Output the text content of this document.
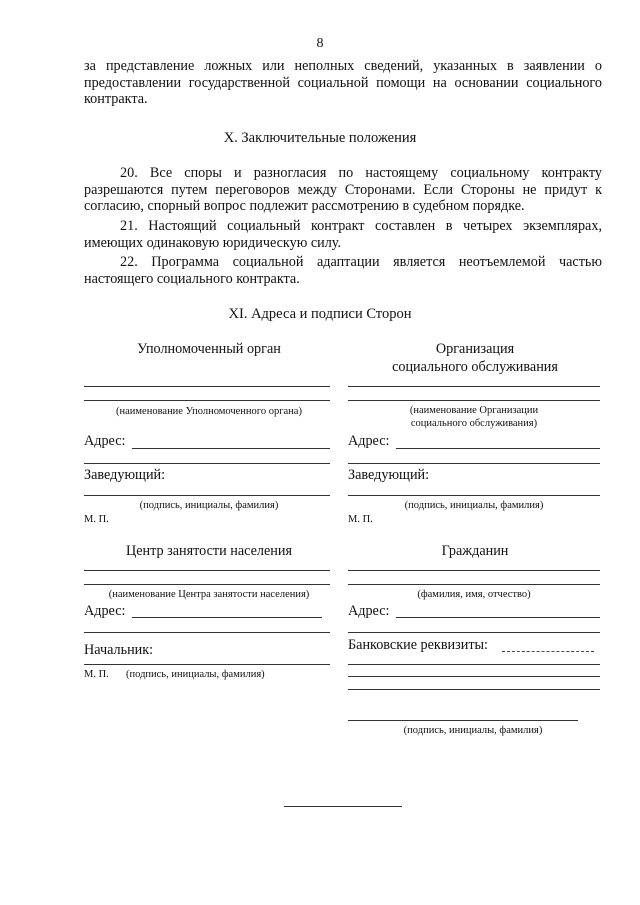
8
за представление ложных или неполных сведений, указанных в заявлении о предоставлении государственной социальной помощи на основании социального контракта.
X. Заключительные положения
20. Все споры и разногласия по настоящему социальному контракту разрешаются путем переговоров между Сторонами. Если Стороны не придут к согласию, спорный вопрос подлежит рассмотрению в судебном порядке.
21. Настоящий социальный контракт составлен в четырех экземплярах, имеющих одинаковую юридическую силу.
22. Программа социальной адаптации является неотъемлемой частью настоящего социального контракта.
XI. Адреса и подписи Сторон
Уполномоченный орган
(наименование Уполномоченного органа)
Адрес:
Заведующий:
(подпись, инициалы, фамилия)
М. П.
Организация
социального обслуживания
(наименование Организации
социального обслуживания)
Адрес:
Заведующий:
(подпись, инициалы, фамилия)
М. П.
Центр занятости населения
(наименование Центра занятости населения)
Адрес:
Начальник:
М. П. (подпись, инициалы, фамилия)
Гражданин
(фамилия, имя, отчество)
Адрес:
Банковские реквизиты:
(подпись, инициалы, фамилия)
